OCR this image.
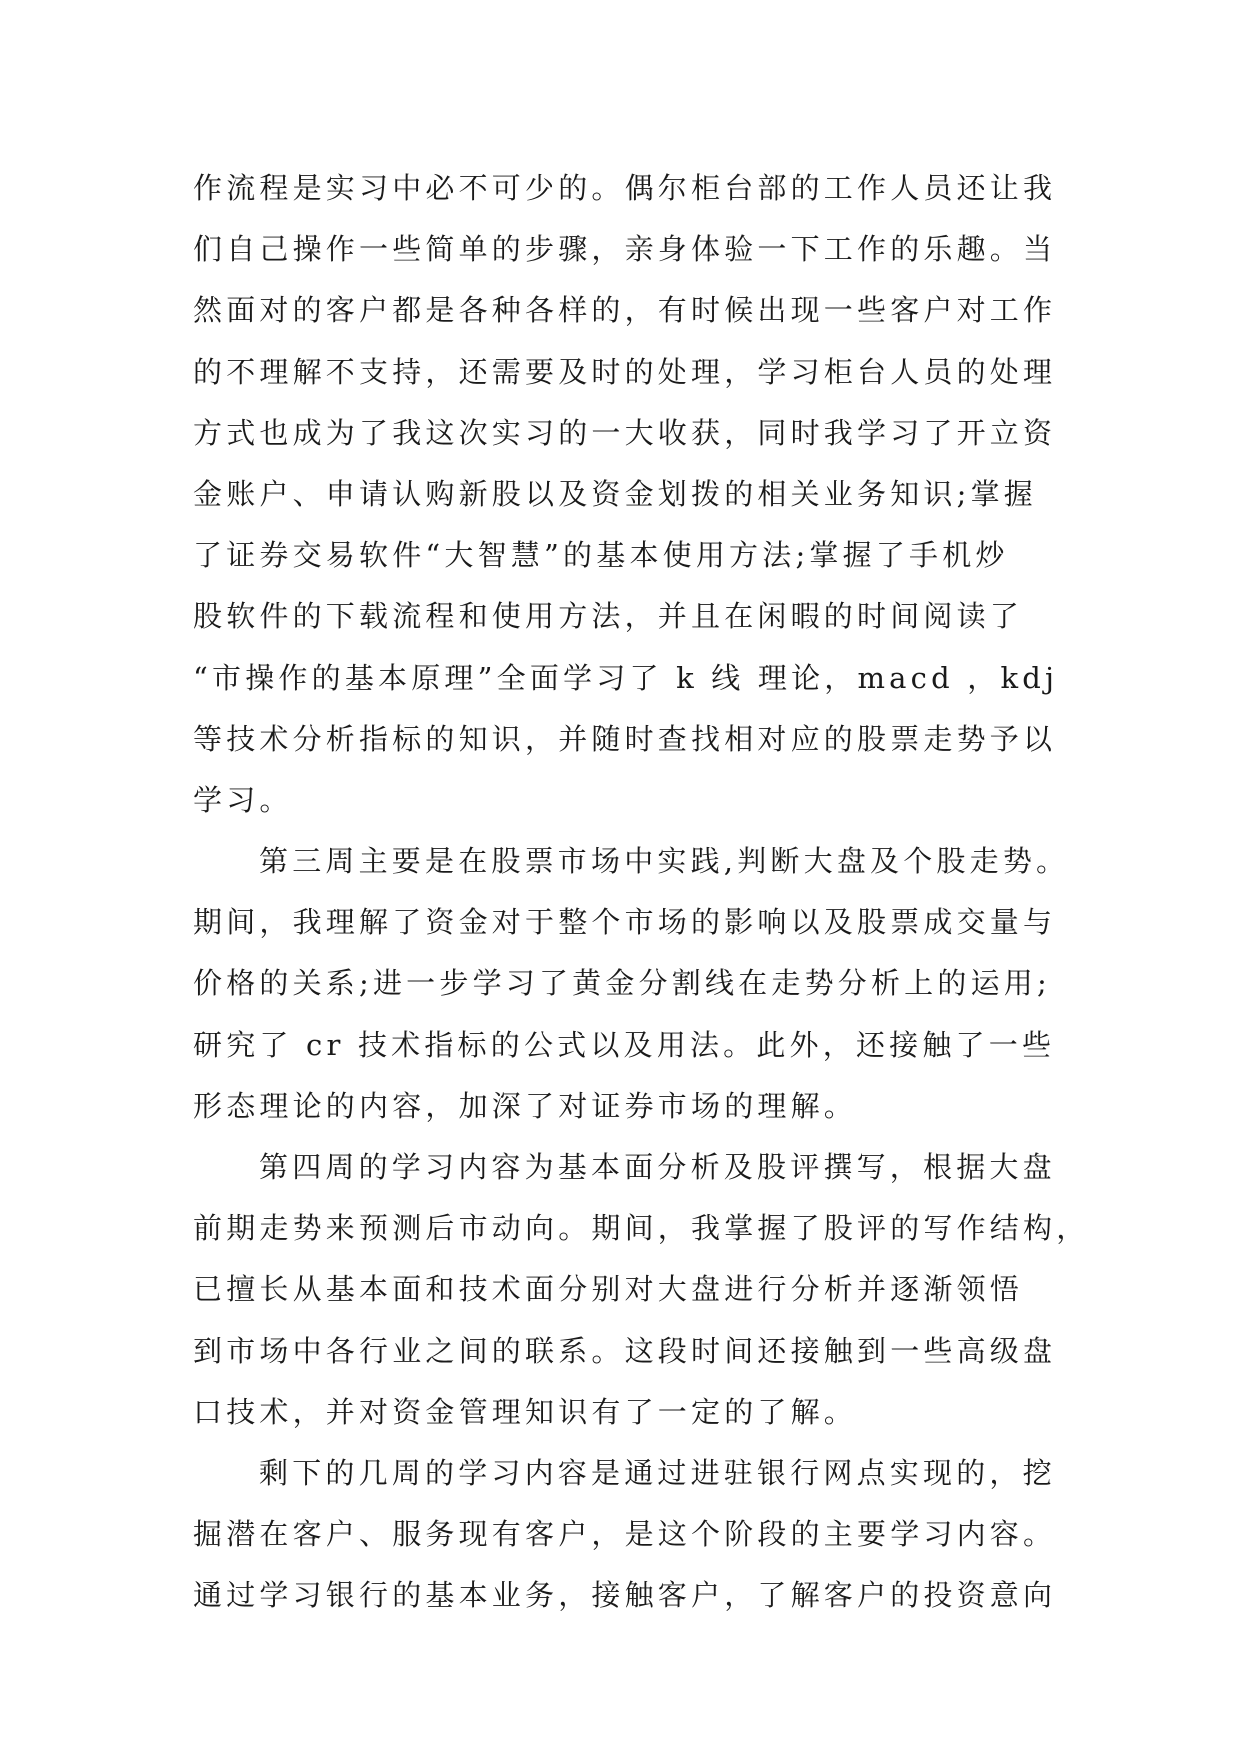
作流程是实习中必不可少的。偶尔柜台部的工作人员还让我
们自己操作一些简单的步骤，亲身体验一下工作的乐趣。当
然面对的客户都是各种各样的，有时候出现一些客户对工作
的不理解不支持，还需要及时的处理，学习柜台人员的处理
方式也成为了我这次实习的一大收获，同时我学习了开立资
金账户、申请认购新股以及资金划拨的相关业务知识;掌握
了证券交易软件“大智慧”的基本使用方法;掌握了手机炒
股软件的下载流程和使用方法，并且在闲暇的时间阅读了
“市操作的基本原理”全面学习了 k 线 理论，macd ，kdj
等技术分析指标的知识，并随时查找相对应的股票走势予以
学习。
第三周主要是在股票市场中实践,判断大盘及个股走势。
期间，我理解了资金对于整个市场的影响以及股票成交量与
价格的关系;进一步学习了黄金分割线在走势分析上的运用;
研究了 cr 技术指标的公式以及用法。此外，还接触了一些
形态理论的内容，加深了对证券市场的理解。
第四周的学习内容为基本面分析及股评撰写，根据大盘
前期走势来预测后市动向。期间，我掌握了股评的写作结构，
已擅长从基本面和技术面分别对大盘进行分析并逐渐领悟
到市场中各行业之间的联系。这段时间还接触到一些高级盘
口技术，并对资金管理知识有了一定的了解。
剩下的几周的学习内容是通过进驻银行网点实现的，挖
掘潜在客户、服务现有客户，是这个阶段的主要学习内容。
通过学习银行的基本业务，接触客户，了解客户的投资意向
